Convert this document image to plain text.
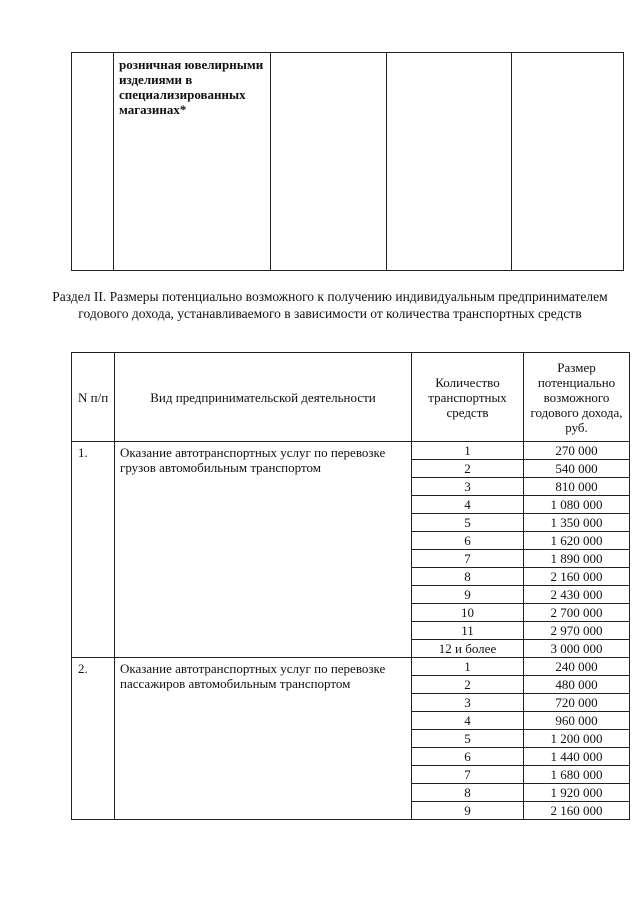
розничная ювелирными изделиями в специализированных магазинах*

Раздел II. Размеры потенциально возможного к получению индивидуальным предпринимателем годового дохода, устанавливаемого в зависимости от количества транспортных средств
N п/п	Вид предпринимательской деятельности	Количество транспортных средств	Размер потенциально возможного годового дохода, руб.
1.	Оказание автотранспортных услуг по перевозке грузов автомобильным транспортом	1	270 000
		2	540 000
		3	810 000
		4	1 080 000
		5	1 350 000
		6	1 620 000
		7	1 890 000
		8	2 160 000
		9	2 430 000
		10	2 700 000
		11	2 970 000
		12 и более	3 000 000
2.	Оказание автотранспортных услуг по перевозке пассажиров автомобильным транспортом	1	240 000
		2	480 000
		3	720 000
		4	960 000
		5	1 200 000
		6	1 440 000
		7	1 680 000
		8	1 920 000
		9	2 160 000
